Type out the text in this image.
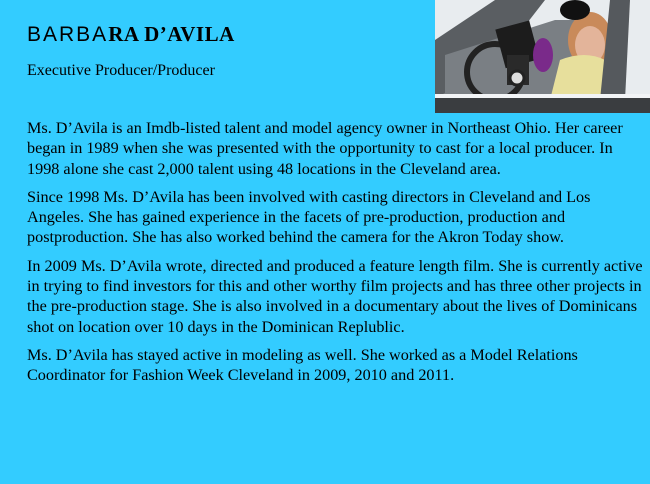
BARBARA D’AVILA
Executive Producer/Producer

Ms. D’Avila is an Imdb-listed talent and model agency owner in Northeast Ohio. Her career began in 1989 when she was presented with the opportunity to cast for a local producer. In 1998 alone she cast 2,000 talent using 48 locations in the Cleveland area.

Since 1998 Ms. D’Avila has been involved with casting directors in Cleveland and Los Angeles. She has gained experience in the facets of pre-production, production and postproduction. She has also worked behind the camera for the Akron Today show.

In 2009 Ms. D’Avila wrote, directed and produced a feature length film. She is currently active in trying to find investors for this and other worthy film projects and has three other projects in the pre-production stage. She is also involved in a documentary about the lives of Dominicans shot on location over 10 days in the Dominican Replublic.

Ms. D’Avila has stayed active in modeling as well. She worked as a Model Relations Coordinator for Fashion Week Cleveland in 2009, 2010 and 2011.
